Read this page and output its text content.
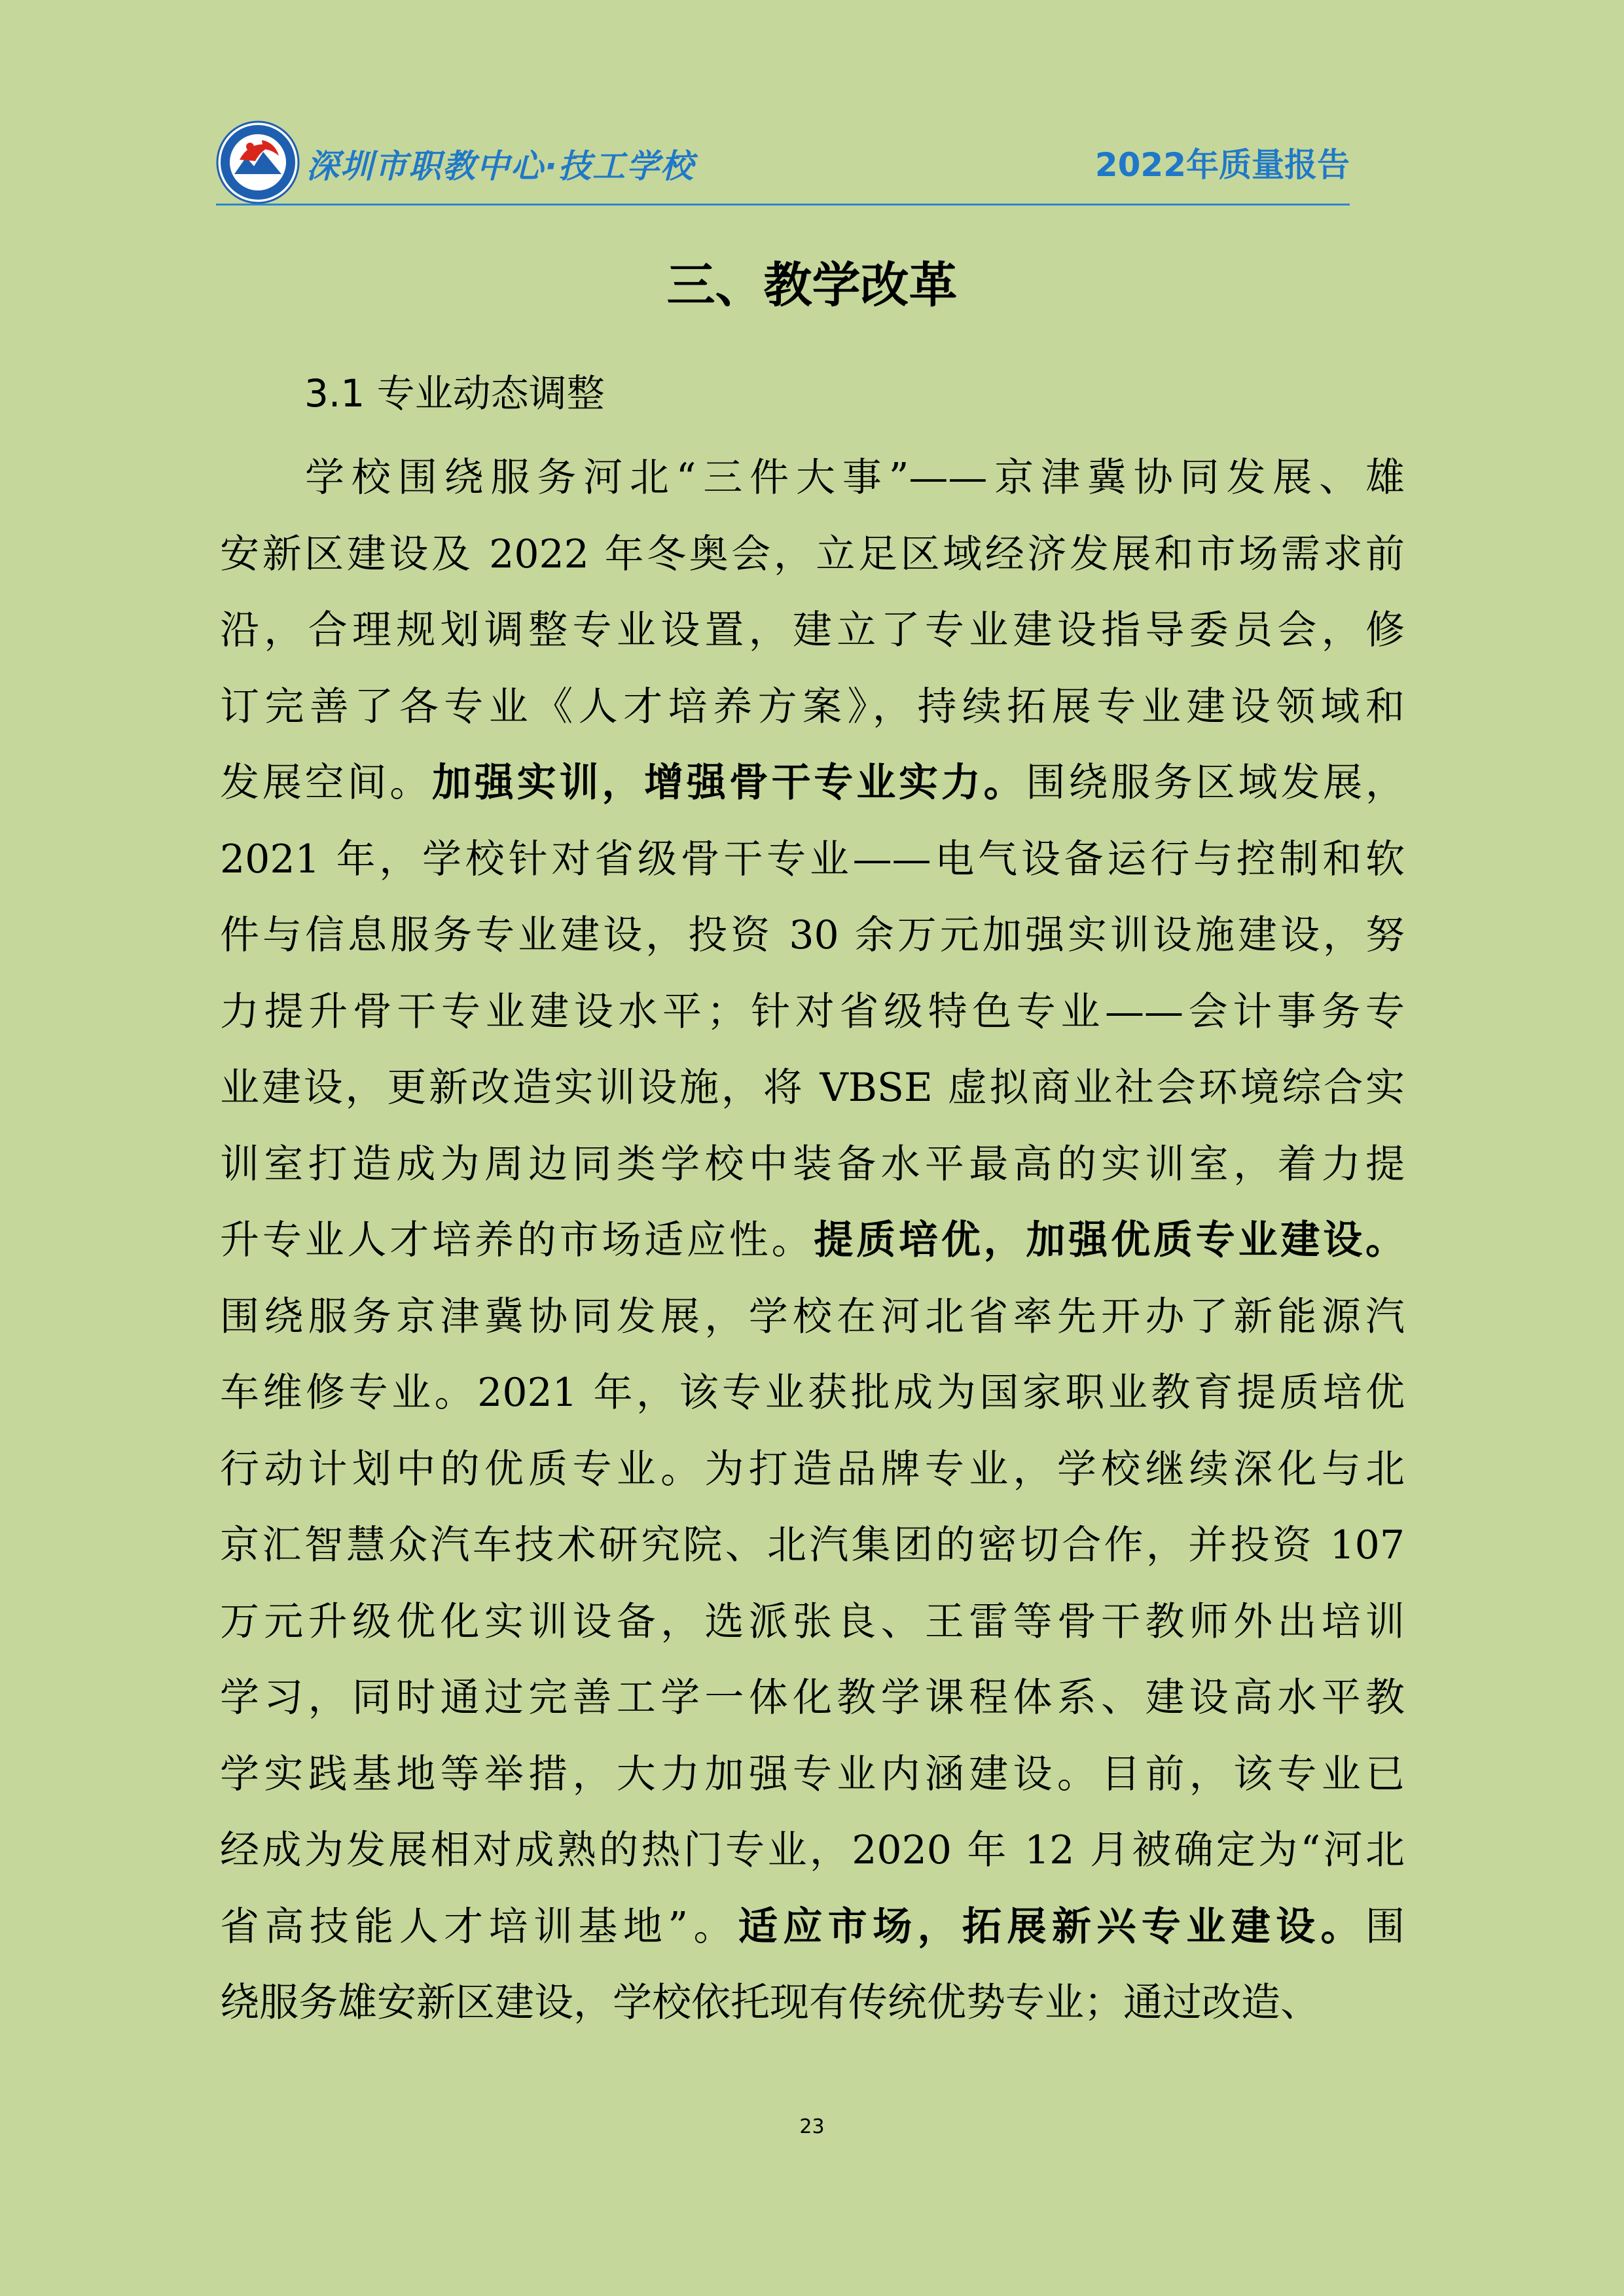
深圳市职教中心·技工学校	2022年质量报告
三、教学改革
3.1 专业动态调整
学校围绕服务河北“三件大事”——京津冀协同发展、雄
安新区建设及 2022 年冬奥会，立足区域经济发展和市场需求前
沿，合理规划调整专业设置，建立了专业建设指导委员会，修
订完善了各专业《人才培养方案》，持续拓展专业建设领域和
发展空间。加强实训，增强骨干专业实力。围绕服务区域发展，
2021 年，学校针对省级骨干专业——电气设备运行与控制和软
件与信息服务专业建设，投资 30 余万元加强实训设施建设，努
力提升骨干专业建设水平；针对省级特色专业——会计事务专
业建设，更新改造实训设施，将 VBSE 虚拟商业社会环境综合实
训室打造成为周边同类学校中装备水平最高的实训室，着力提
升专业人才培养的市场适应性。提质培优，加强优质专业建设。
围绕服务京津冀协同发展，学校在河北省率先开办了新能源汽
车维修专业。2021 年，该专业获批成为国家职业教育提质培优
行动计划中的优质专业。为打造品牌专业，学校继续深化与北
京汇智慧众汽车技术研究院、北汽集团的密切合作，并投资 107
万元升级优化实训设备，选派张良、王雷等骨干教师外出培训
学习，同时通过完善工学一体化教学课程体系、建设高水平教
学实践基地等举措，大力加强专业内涵建设。目前，该专业已
经成为发展相对成熟的热门专业，2020 年 12 月被确定为“河北
省高技能人才培训基地”。适应市场，拓展新兴专业建设。围
绕服务雄安新区建设，学校依托现有传统优势专业；通过改造、
23
